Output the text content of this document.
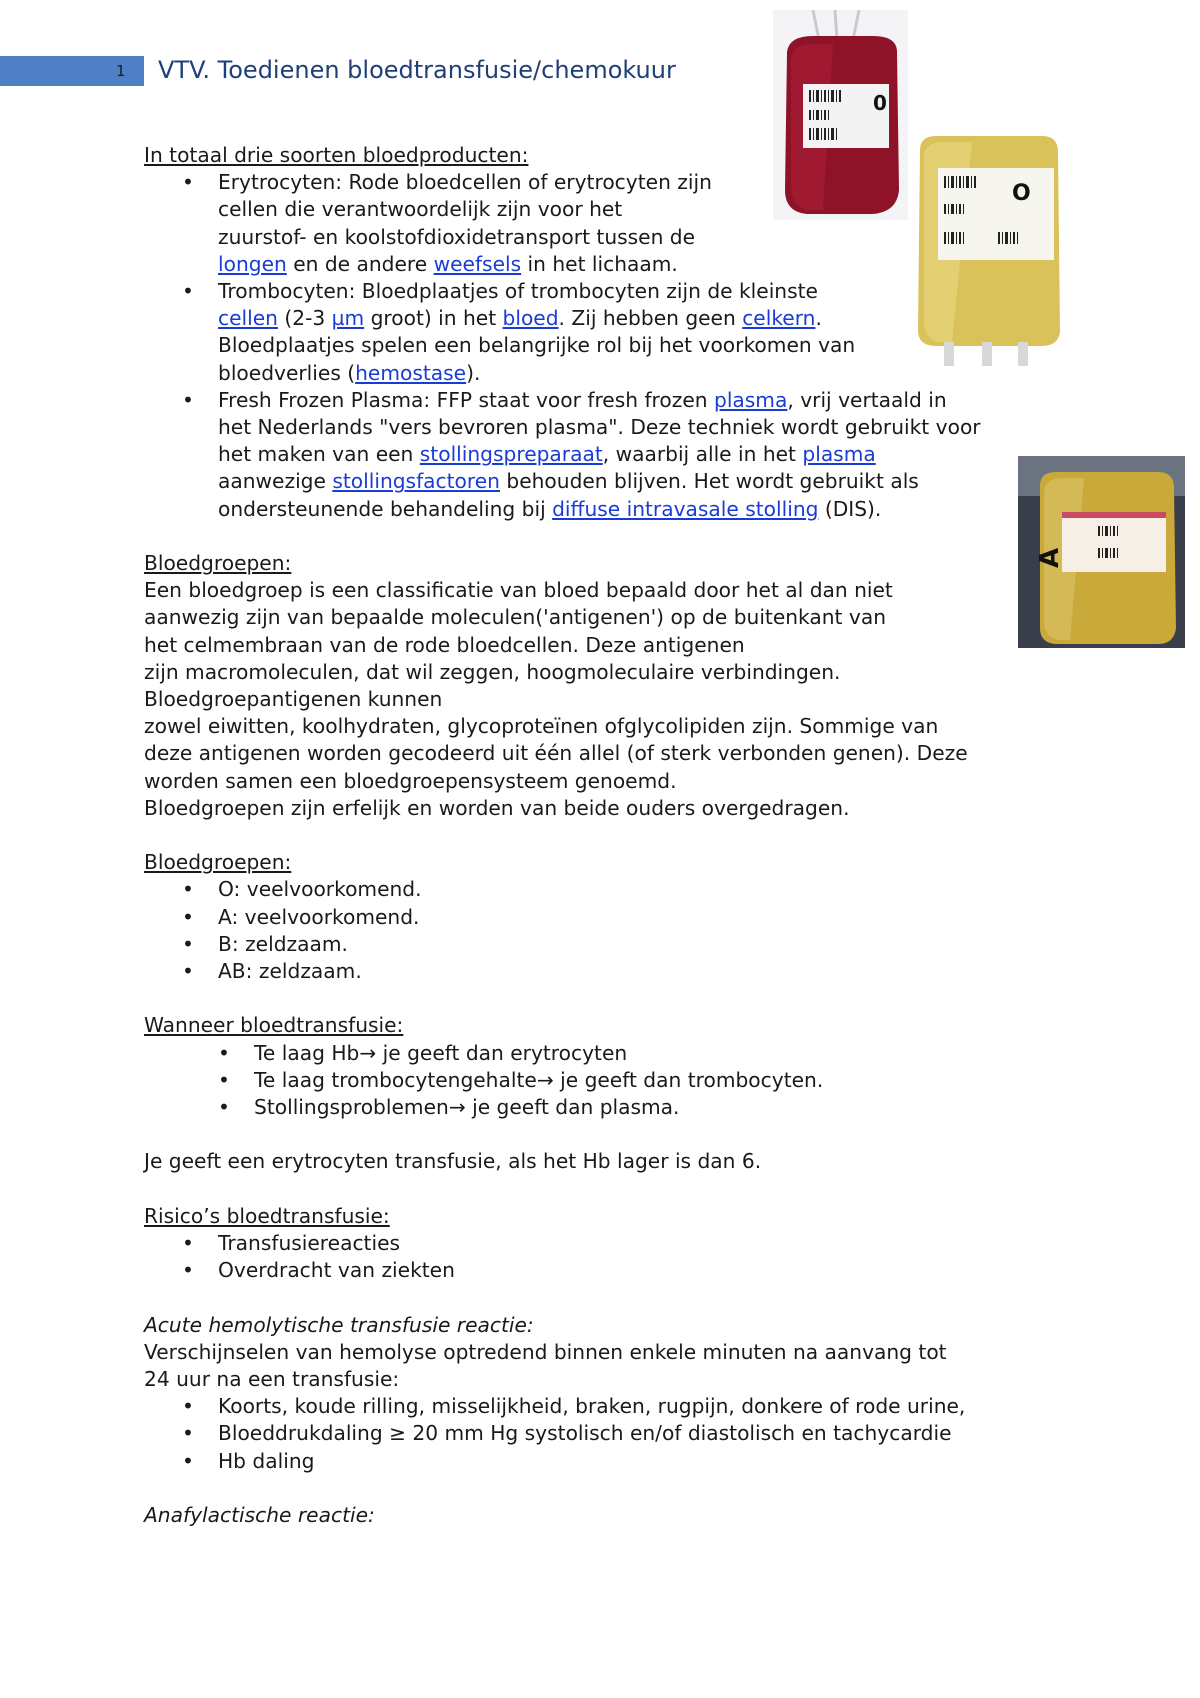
1 VTV. Toedienen bloedtransfusie/chemokuur
0
O
A

In totaal drie soorten bloedproducten:

• Erytrocyten: Rode bloedcellen of erytrocyten zijn
cellen die verantwoordelijk zijn voor het
zuurstof- en koolstofdioxidetransport tussen de
longen en de andere weefsels in het lichaam.
• Trombocyten: Bloedplaatjes of trombocyten zijn de kleinste
cellen (2-3 µm groot) in het bloed. Zij hebben geen celkern.
Bloedplaatjes spelen een belangrijke rol bij het voorkomen van
bloedverlies (hemostase).
• Fresh Frozen Plasma: FFP staat voor fresh frozen plasma, vrij vertaald in
het Nederlands "vers bevroren plasma". Deze techniek wordt gebruikt voor
het maken van een stollingspreparaat, waarbij alle in het plasma
aanwezige stollingsfactoren behouden blijven. Het wordt gebruikt als
ondersteunende behandeling bij diffuse intravasale stolling (DIS).

Bloedgroepen:

Een bloedgroep is een classificatie van bloed bepaald door het al dan niet
aanwezig zijn van bepaalde moleculen('antigenen') op de buitenkant van
het celmembraan van de rode bloedcellen. Deze antigenen
zijn macromoleculen, dat wil zeggen, hoogmoleculaire verbindingen.
Bloedgroepantigenen kunnen
zowel eiwitten, koolhydraten, glycoproteïnen ofglycolipiden zijn. Sommige van
deze antigenen worden gecodeerd uit één allel (of sterk verbonden genen). Deze
worden samen een bloedgroepensysteem genoemd.
Bloedgroepen zijn erfelijk en worden van beide ouders overgedragen.

Bloedgroepen:

• O: veelvoorkomend.
• A: veelvoorkomend.
• B: zeldzaam.
• AB: zeldzaam.

Wanneer bloedtransfusie:

• Te laag Hb→ je geeft dan erytrocyten
• Te laag trombocytengehalte→ je geeft dan trombocyten.
• Stollingsproblemen→ je geeft dan plasma.

Je geeft een erytrocyten transfusie, als het Hb lager is dan 6.

Risico’s bloedtransfusie:

• Transfusiereacties
• Overdracht van ziekten

Acute hemolytische transfusie reactie:

Verschijnselen van hemolyse optredend binnen enkele minuten na aanvang tot
24 uur na een transfusie:

• Koorts, koude rilling, misselijkheid, braken, rugpijn, donkere of rode urine,
• Bloeddrukdaling ≥ 20 mm Hg systolisch en/of diastolisch en tachycardie
• Hb daling

Anafylactische reactie:
